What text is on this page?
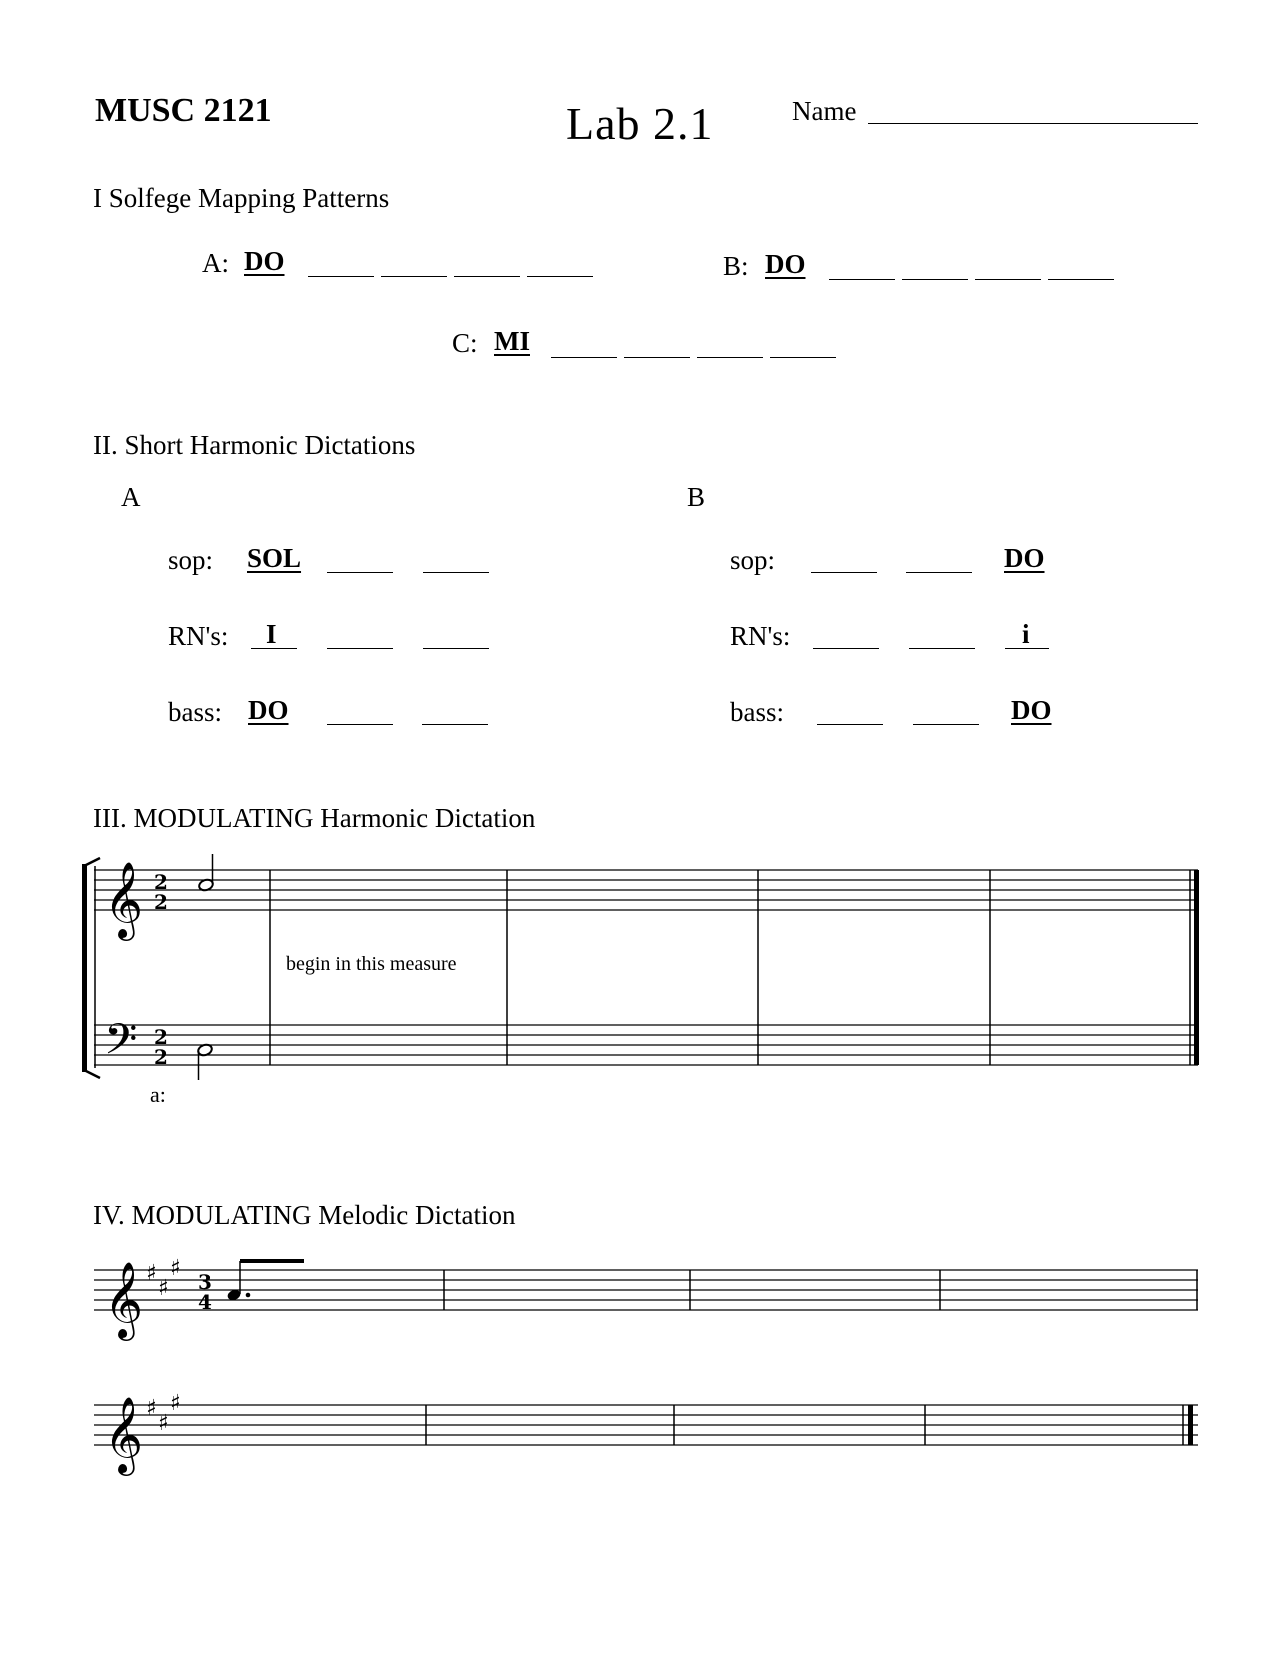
MUSC 2121	Lab 2.1	Name
I Solfege Mapping Patterns
A: DO	B: DO
C: MI
II. Short Harmonic Dictations
A	B
sop: SOL
RN's: I
bass: DO
sop:	DO
RN's:	i
bass:	DO
III. MODULATING Harmonic Dictation
𝄞
𝄢
2
2
2
2
begin in this measure
a:
IV. MODULATING Melodic Dictation
𝄞 ♯
♯
♯
3
4
𝄞 ♯
♯
♯
